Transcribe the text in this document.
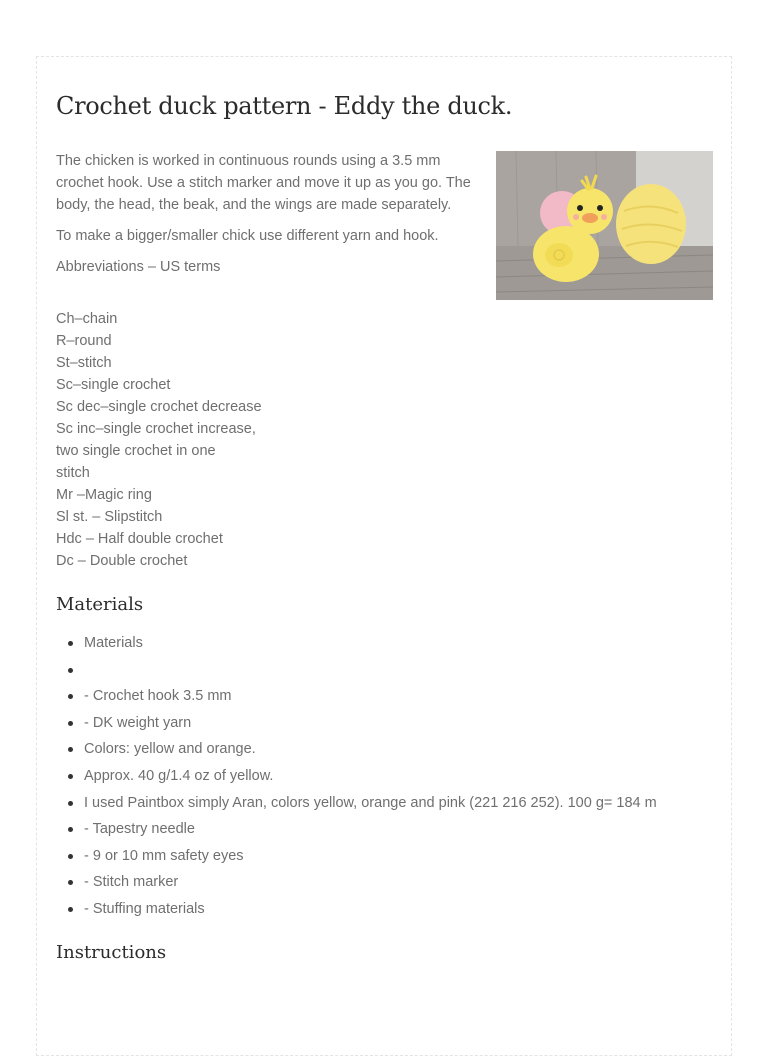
Crochet duck pattern - Eddy the duck.

The chicken is worked in continuous rounds using a 3.5 mm crochet hook. Use a stitch marker and move it up as you go. The body, the head, the beak, and the wings are made separately.

To make a bigger/smaller chick use different yarn and hook.

Abbreviations – US terms

Ch–chain
R–round
St–stitch
Sc–single crochet
Sc dec–single crochet decrease
Sc inc–single crochet increase,
two single crochet in one
stitch
Mr –Magic ring
Sl st. – Slipstitch
Hdc – Half double crochet
Dc – Double crochet
Materials
Materials
- Crochet hook 3.5 mm
- DK weight yarn
Colors: yellow and orange.
Approx. 40 g/1.4 oz of yellow.
I used Paintbox simply Aran, colors yellow, orange and pink (221 216 252). 100 g= 184 m
- Tapestry needle
- 9 or 10 mm safety eyes
- Stitch marker
- Stuffing materials
Instructions
